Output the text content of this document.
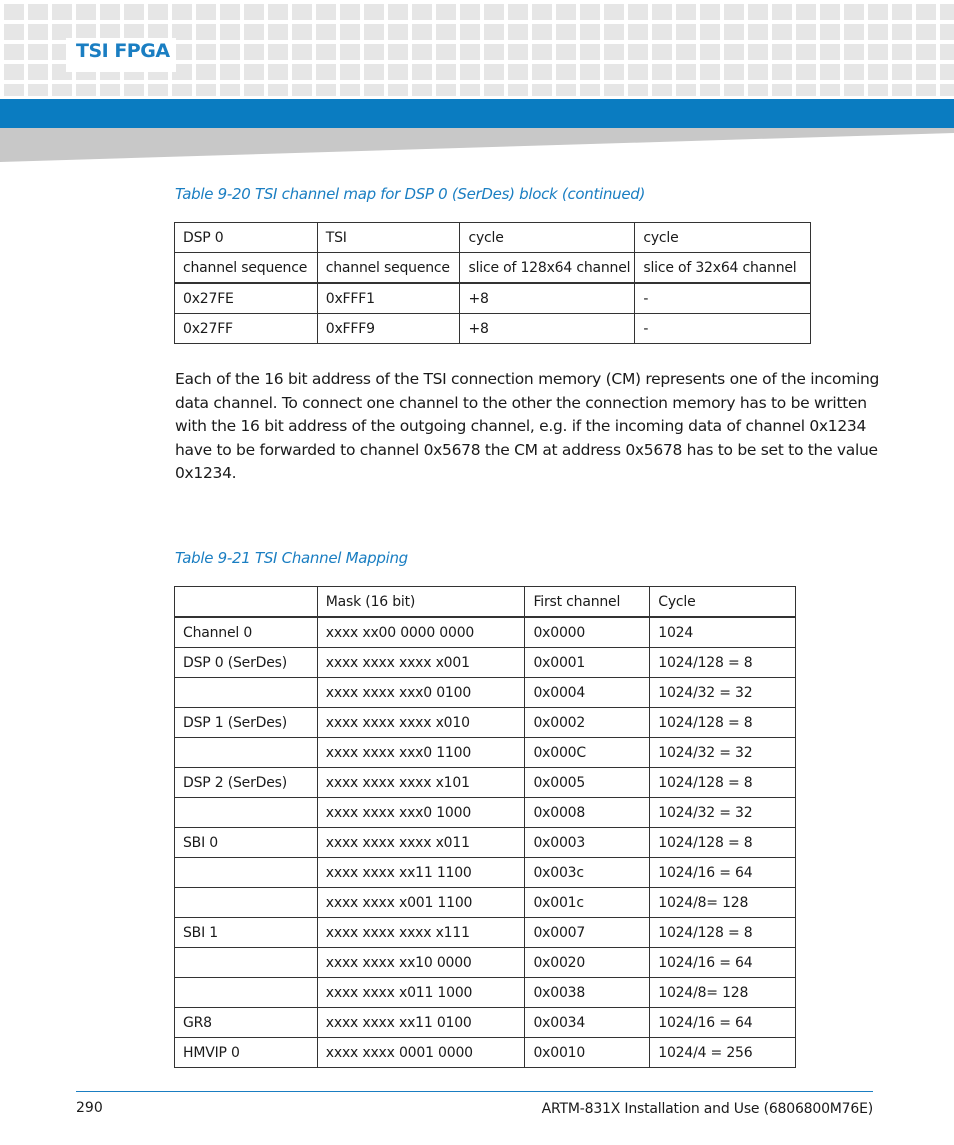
TSI FPGA
Table 9-20 TSI channel map for DSP 0 (SerDes) block (continued)
DSP 0	TSI	cycle	cycle
channel sequence	channel sequence	slice of 128x64 channel	slice of 32x64 channel
0x27FE	0xFFF1	+8	-
0x27FF	0xFFF9	+8	-
Each of the 16 bit address of the TSI connection memory (CM) represents one of the incoming data channel. To connect one channel to the other the connection memory has to be written with the 16 bit address of the outgoing channel, e.g. if the incoming data of channel 0x1234 have to be forwarded to channel 0x5678 the CM at address 0x5678 has to be set to the value 0x1234.
Table 9-21 TSI Channel Mapping
	Mask (16 bit)	First channel	Cycle
Channel 0	xxxx xx00 0000 0000	0x0000	1024
DSP 0 (SerDes)	xxxx xxxx xxxx x001	0x0001	1024/128 = 8
	xxxx xxxx xxx0 0100	0x0004	1024/32 = 32
DSP 1 (SerDes)	xxxx xxxx xxxx x010	0x0002	1024/128 = 8
	xxxx xxxx xxx0 1100	0x000C	1024/32 = 32
DSP 2 (SerDes)	xxxx xxxx xxxx x101	0x0005	1024/128 = 8
	xxxx xxxx xxx0 1000	0x0008	1024/32 = 32
SBI 0	xxxx xxxx xxxx x011	0x0003	1024/128 = 8
	xxxx xxxx xx11 1100	0x003c	1024/16 = 64
	xxxx xxxx x001 1100	0x001c	1024/8= 128
SBI 1	xxxx xxxx xxxx x111	0x0007	1024/128 = 8
	xxxx xxxx xx10 0000	0x0020	1024/16 = 64
	xxxx xxxx x011 1000	0x0038	1024/8= 128
GR8	xxxx xxxx xx11 0100	0x0034	1024/16 = 64
HMVIP 0	xxxx xxxx 0001 0000	0x0010	1024/4 = 256
290	ARTM-831X Installation and Use (6806800M76E)
